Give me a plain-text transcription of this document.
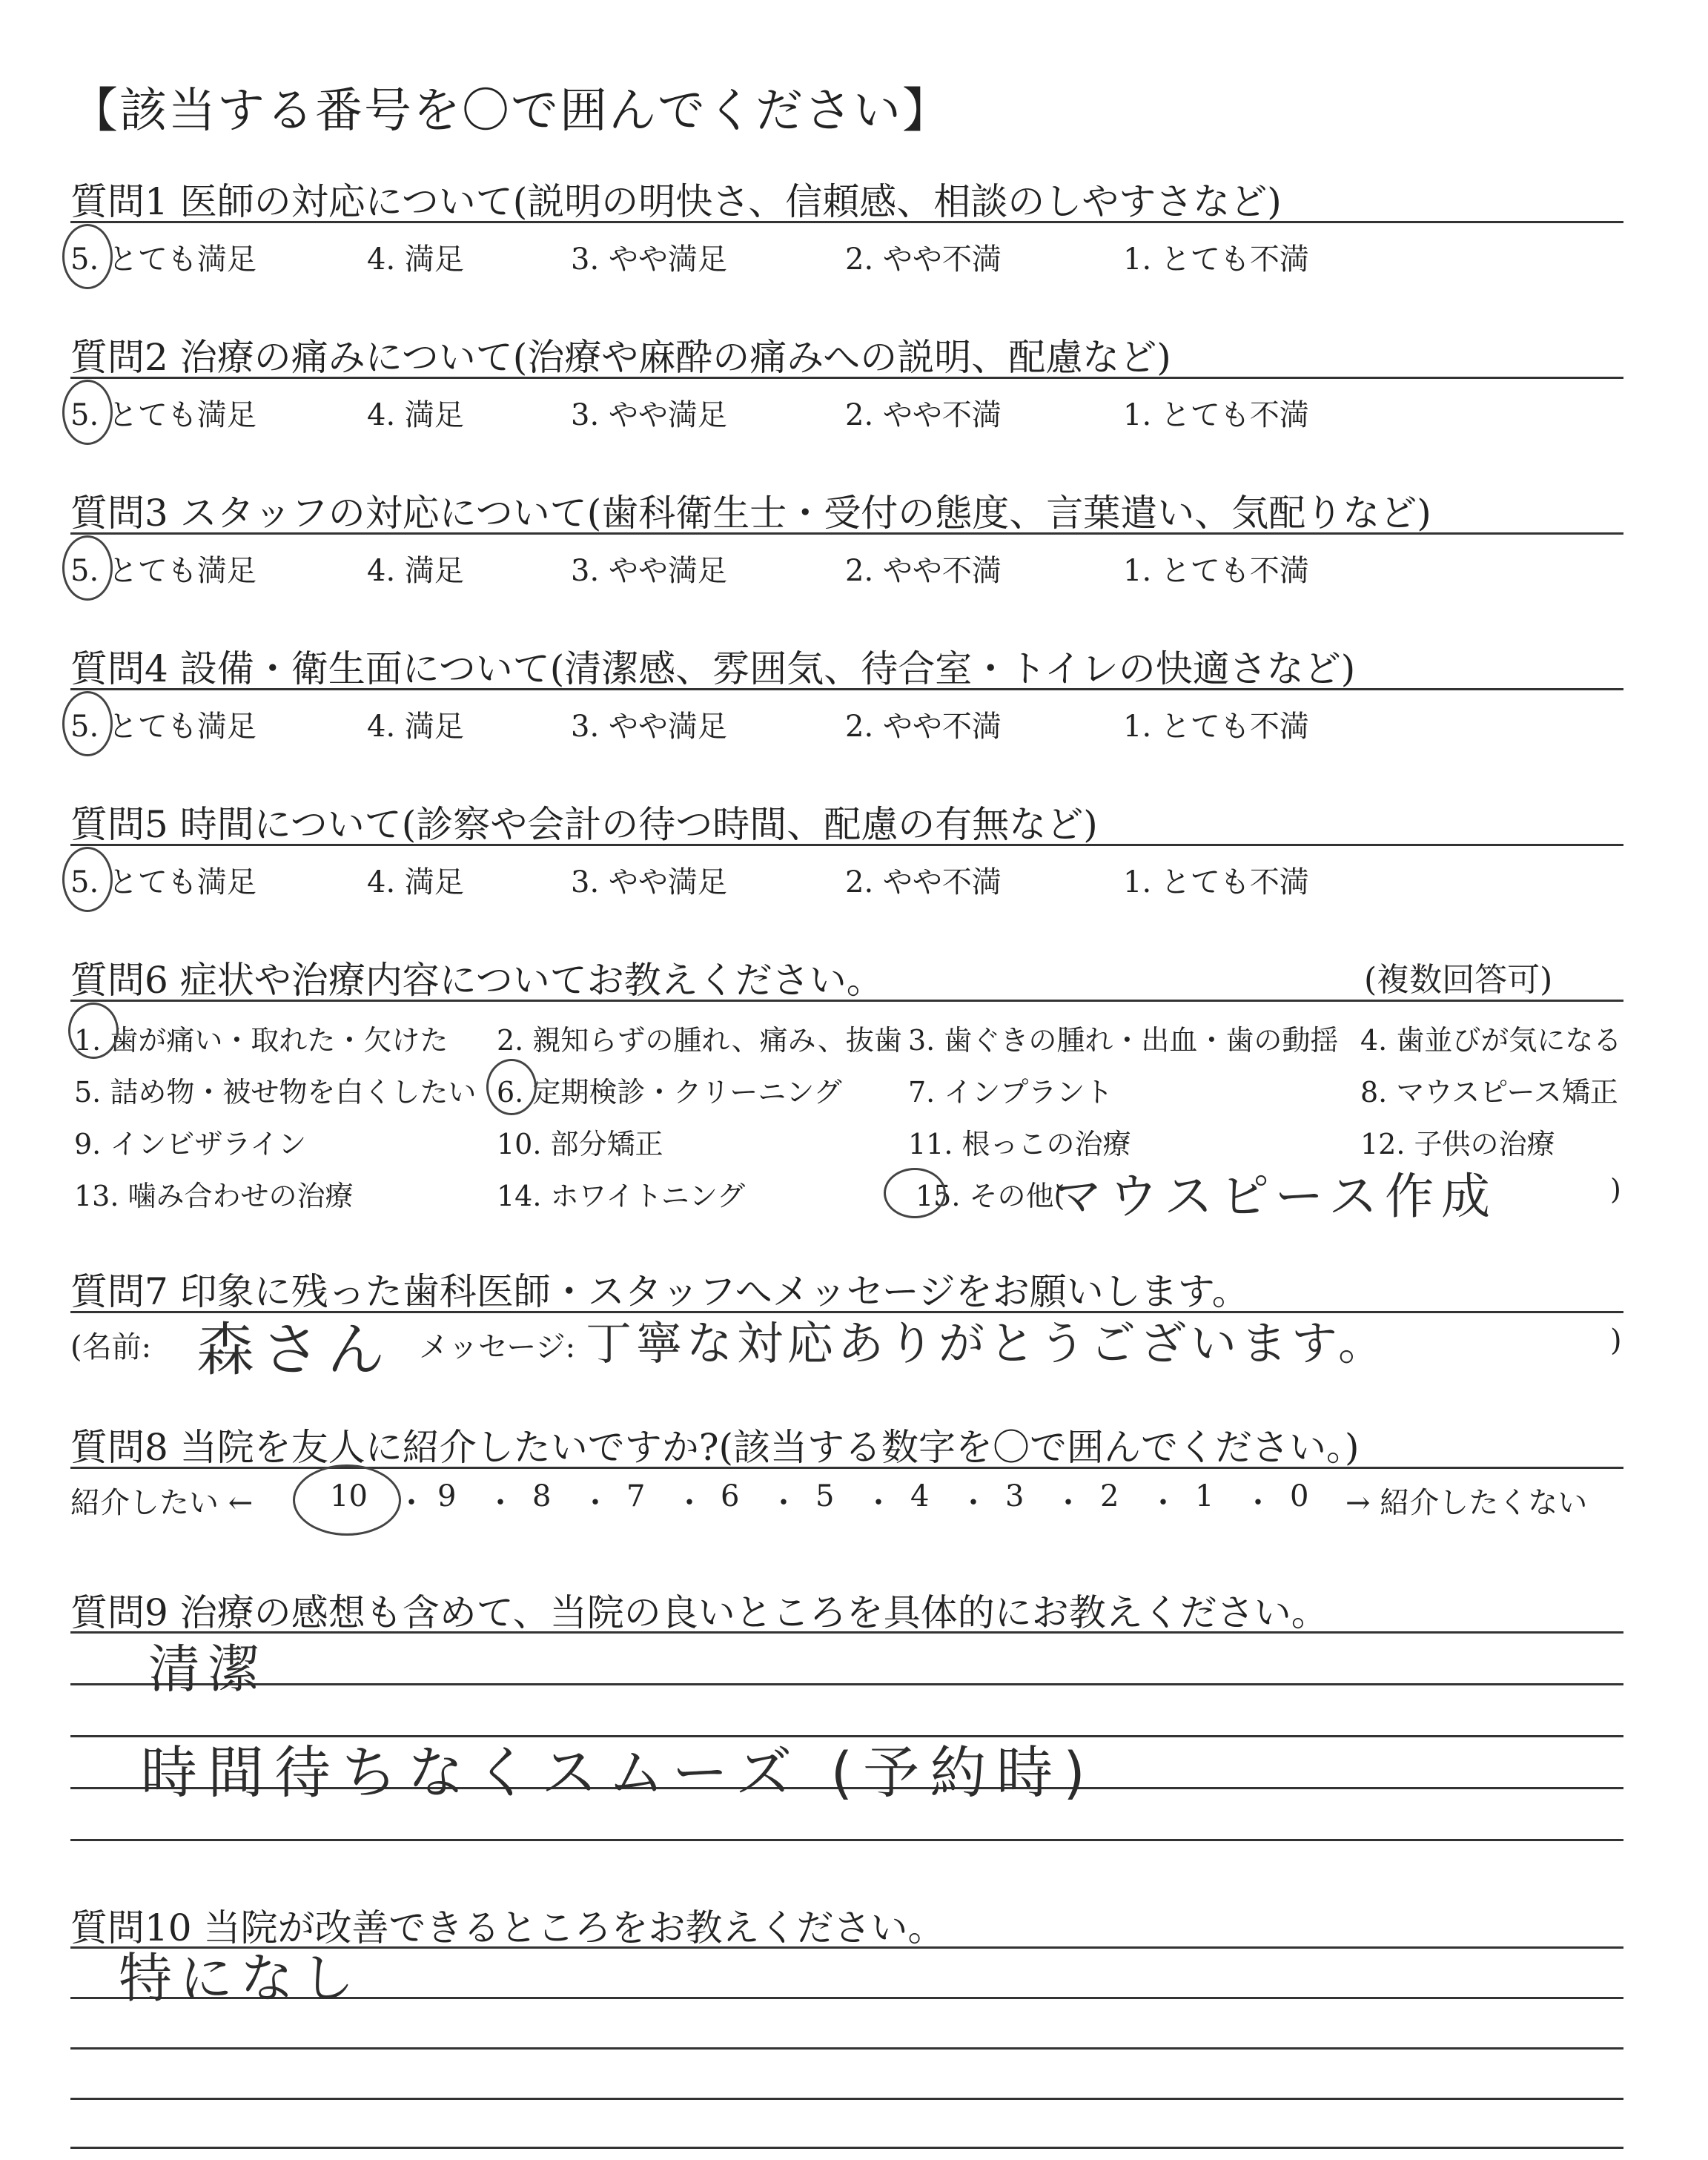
【該当する番号を〇で囲んでください】
質問1 医師の対応について(説明の明快さ、信頼感、相談のしやすさなど)
5. とても満足	4. 満足	3. やや満足	2. やや不満	1. とても不満
質問2 治療の痛みについて(治療や麻酔の痛みへの説明、配慮など)
5. とても満足	4. 満足	3. やや満足	2. やや不満	1. とても不満
質問3 スタッフの対応について(歯科衛生士・受付の態度、言葉遣い、気配りなど)
5. とても満足	4. 満足	3. やや満足	2. やや不満	1. とても不満
質問4 設備・衛生面について(清潔感、雰囲気、待合室・トイレの快適さなど)
5. とても満足	4. 満足	3. やや満足	2. やや不満	1. とても不満
質問5 時間について(診察や会計の待つ時間、配慮の有無など)
5. とても満足	4. 満足	3. やや満足	2. やや不満	1. とても不満
質問6 症状や治療内容についてお教えください。	(複数回答可)
1. 歯が痛い・取れた・欠けた 2. 親知らずの腫れ、痛み、抜歯 3. 歯ぐきの腫れ・出血・歯の動揺 4. 歯並びが気になる
5. 詰め物・被せ物を白くしたい 6. 定期検診・クリーニング 7. インプラント	8. マウスピース矯正
9. インビザライン	10. 部分矯正	11. 根っこの治療	12. 子供の治療
13. 噛み合わせの治療	14. ホワイトニング	15. その他(
マウスピース作成	)
質問7 印象に残った歯科医師・スタッフへメッセージをお願いします。
(名前: 森さん メッセージ: 丁寧な対応ありがとうございます。	)
質問8 当院を友人に紹介したいですか?(該当する数字を〇で囲んでください。)
紹介したい ←	→ 紹介したくない
10 ・ 9 ・ 8 ・ 7 ・ 6 ・ 5 ・ 4 ・ 3 ・ 2 ・ 1 ・ 0
質問9 治療の感想も含めて、当院の良いところを具体的にお教えください。
清潔
時間待ちなくスムーズ (予約時)
質問10 当院が改善できるところをお教えください。
特になし
